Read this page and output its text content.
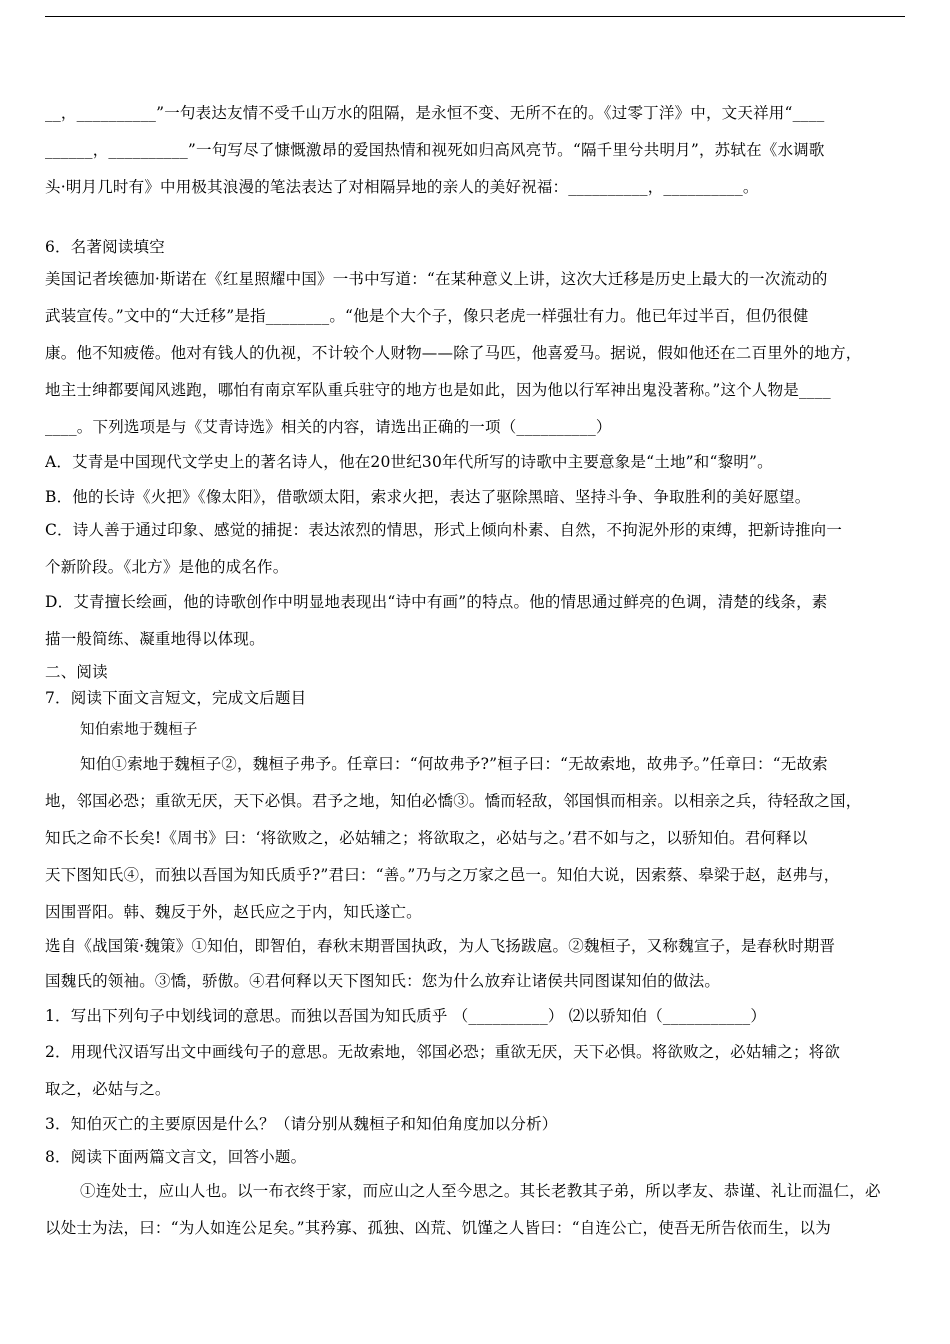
__，__________”一句表达友情不受千山万水的阻隔，是永恒不变、无所不在的。《过零丁洋》中，文天祥用“____
______，__________”一句写尽了慷慨激昂的爱国热情和视死如归高风亮节。“隔千里兮共明月”，苏轼在《水调歌
头·明月几时有》中用极其浪漫的笔法表达了对相隔异地的亲人的美好祝福：__________，__________。
6．名著阅读填空
美国记者埃德加·斯诺在《红星照耀中国》一书中写道：“在某种意义上讲，这次大迁移是历史上最大的一次流动的
武装宣传。”文中的“大迁移”是指________。“他是个大个子，像只老虎一样强壮有力。他已年过半百，但仍很健
康。他不知疲倦。他对有钱人的仇视，不计较个人财物——除了马匹，他喜爱马。据说，假如他还在二百里外的地方，
地主士绅都要闻风逃跑，哪怕有南京军队重兵驻守的地方也是如此，因为他以行军神出鬼没著称。”这个人物是____
____。下列选项是与《艾青诗选》相关的内容，请选出正确的一项（__________）
A．艾青是中国现代文学史上的著名诗人，他在20世纪30年代所写的诗歌中主要意象是“土地”和“黎明”。
B．他的长诗《火把》《像太阳》，借歌颂太阳，索求火把，表达了驱除黑暗、坚持斗争、争取胜利的美好愿望。
C．诗人善于通过印象、感觉的捕捉：表达浓烈的情思，形式上倾向朴素、自然，不拘泥外形的束缚，把新诗推向一
个新阶段。《北方》是他的成名作。
D．艾青擅长绘画，他的诗歌创作中明显地表现出“诗中有画”的特点。他的情思通过鲜亮的色调，清楚的线条，素
描一般简练、凝重地得以体现。
二、阅读
7．阅读下面文言短文，完成文后题目
知伯索地于魏桓子
知伯①索地于魏桓子②，魏桓子弗予。任章曰：“何故弗予?”桓子曰：“无故索地，故弗予。”任章曰：“无故索
地，邻国必恐；重欲无厌，天下必惧。君予之地，知伯必憍③。憍而轻敌，邻国惧而相亲。以相亲之兵，待轻敌之国，
知氏之命不长矣!《周书》曰：‘将欲败之，必姑辅之；将欲取之，必姑与之。’君不如与之，以骄知伯。君何释以
天下图知氏④，而独以吾国为知氏质乎?”君曰：“善。”乃与之万家之邑一。知伯大说，因索蔡、皋梁于赵，赵弗与，
因围晋阳。韩、魏反于外，赵氏应之于内，知氏遂亡。
选自《战国策·魏策》①知伯，即智伯，春秋末期晋国执政，为人飞扬跋扈。②魏桓子，又称魏宣子，是春秋时期晋
国魏氏的领袖。③憍，骄傲。④君何释以天下图知氏：您为什么放弃让诸侯共同图谋知伯的做法。
1．写出下列句子中划线词的意思。而独以吾国为知氏质乎 （__________） ⑵以骄知伯（___________）
2．用现代汉语写出文中画线句子的意思。无故索地，邻国必恐；重欲无厌，天下必惧。将欲败之，必姑辅之；将欲
取之，必姑与之。
3．知伯灭亡的主要原因是什么？（请分别从魏桓子和知伯角度加以分析）
8．阅读下面两篇文言文，回答小题。
①连处士，应山人也。以一布衣终于家，而应山之人至今思之。其长老教其子弟，所以孝友、恭谨、礼让而温仁，必
以处士为法，曰：“为人如连公足矣。”其矜寡、孤独、凶荒、饥馑之人皆曰：“自连公亡，使吾无所告依而生，以为
